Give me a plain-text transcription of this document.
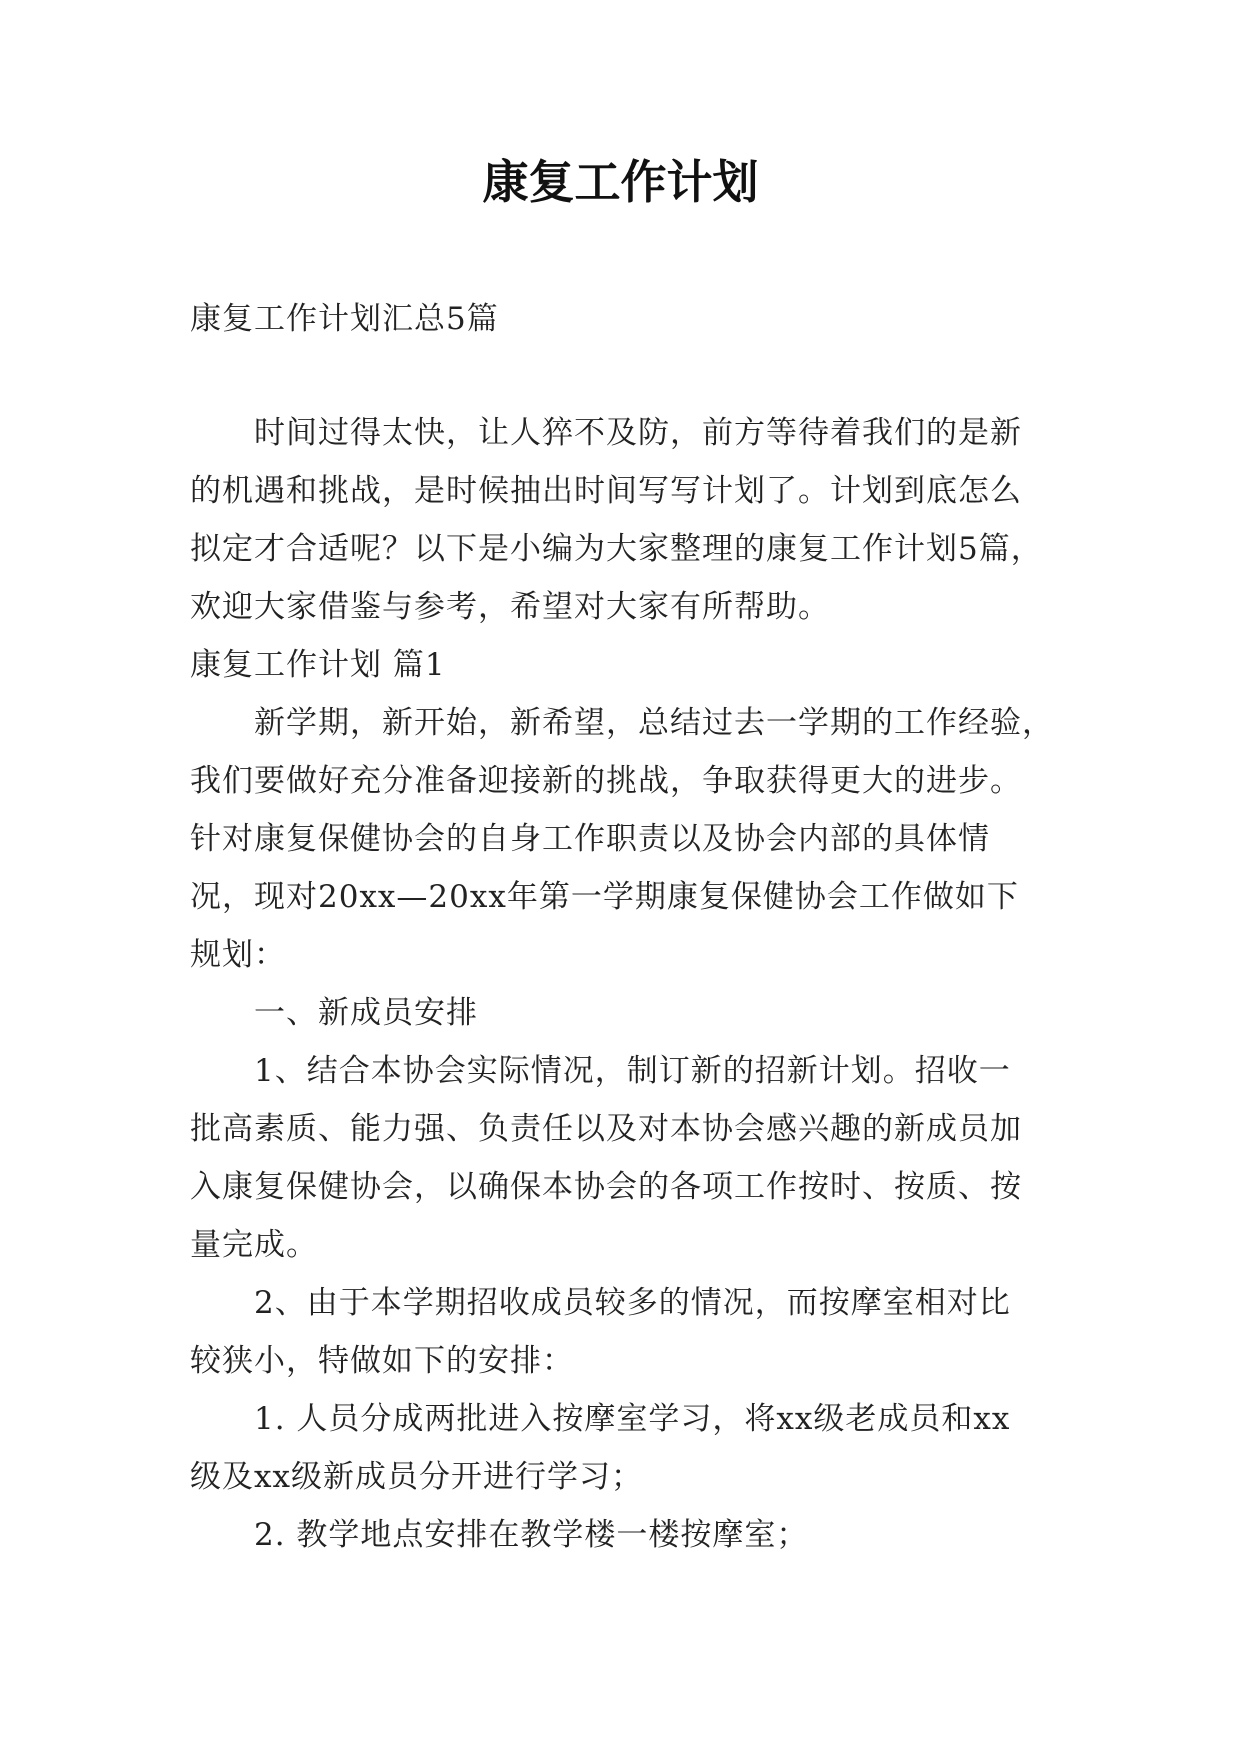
康复工作计划
康复工作计划汇总5篇
时间过得太快，让人猝不及防，前方等待着我们的是新
的机遇和挑战，是时候抽出时间写写计划了。计划到底怎么
拟定才合适呢？以下是小编为大家整理的康复工作计划5篇，
欢迎大家借鉴与参考，希望对大家有所帮助。
康复工作计划 篇1
新学期，新开始，新希望，总结过去一学期的工作经验，
我们要做好充分准备迎接新的挑战，争取获得更大的进步。
针对康复保健协会的自身工作职责以及协会内部的具体情
况，现对20xx—20xx年第一学期康复保健协会工作做如下
规划：
一、新成员安排
1、结合本协会实际情况，制订新的招新计划。招收一
批高素质、能力强、负责任以及对本协会感兴趣的新成员加
入康复保健协会，以确保本协会的各项工作按时、按质、按
量完成。
2、由于本学期招收成员较多的情况，而按摩室相对比
较狭小，特做如下的安排：
1. 人员分成两批进入按摩室学习，将xx级老成员和xx
级及xx级新成员分开进行学习；
2. 教学地点安排在教学楼一楼按摩室；
